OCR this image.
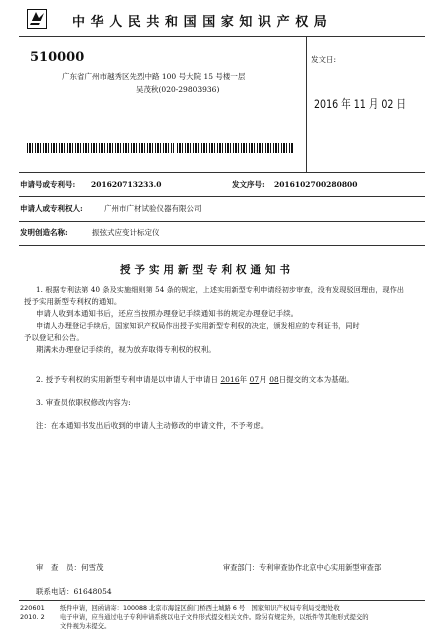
中华人民共和国国家知识产权局
510000
广东省广州市越秀区先烈中路 100 号大院 15 号楼一层
吴茂秋(020-29803936)
发文日:
2016 年 11 月 02 日
申请号或专利号: 201620713233.0	发文序号: 2016102700280800
申请人或专利权人:	广州市广材试验仪器有限公司
发明创造名称:	振弦式应变计标定仪
授予实用新型专利权通知书
1. 根据专利法第 40 条及实施细则第 54 条的规定，上述实用新型专利申请经初步审查，没有发现驳回理由，现作出
授予实用新型专利权的通知。
申请人收到本通知书后，还应当按照办理登记手续通知书的规定办理登记手续。
申请人办理登记手续后，国家知识产权局作出授予实用新型专利权的决定，颁发相应的专利证书，同时
予以登记和公告。
期满未办理登记手续的，视为放弃取得专利权的权利。
2. 授予专利权的实用新型专利申请是以申请人于申请日 2016年 07月 08日提交的文本为基础。
3. 审查员依职权修改内容为:
注：在本通知书发出后收到的申请人主动修改的申请文件，不予考虑。
审　查　员：何雪茂	审查部门：专利审查协作北京中心实用新型审查部
联系电话：61648054
220601
2010. 2
纸件申请，回函请寄：100088 北京市海淀区蓟门桥西土城路 6 号　国家知识产权局专利局受理处收
电子申请，应当通过电子专利申请系统以电子文件形式提交相关文件。除另有规定外，以纸件等其他形式提交的
文件视为未提交。
